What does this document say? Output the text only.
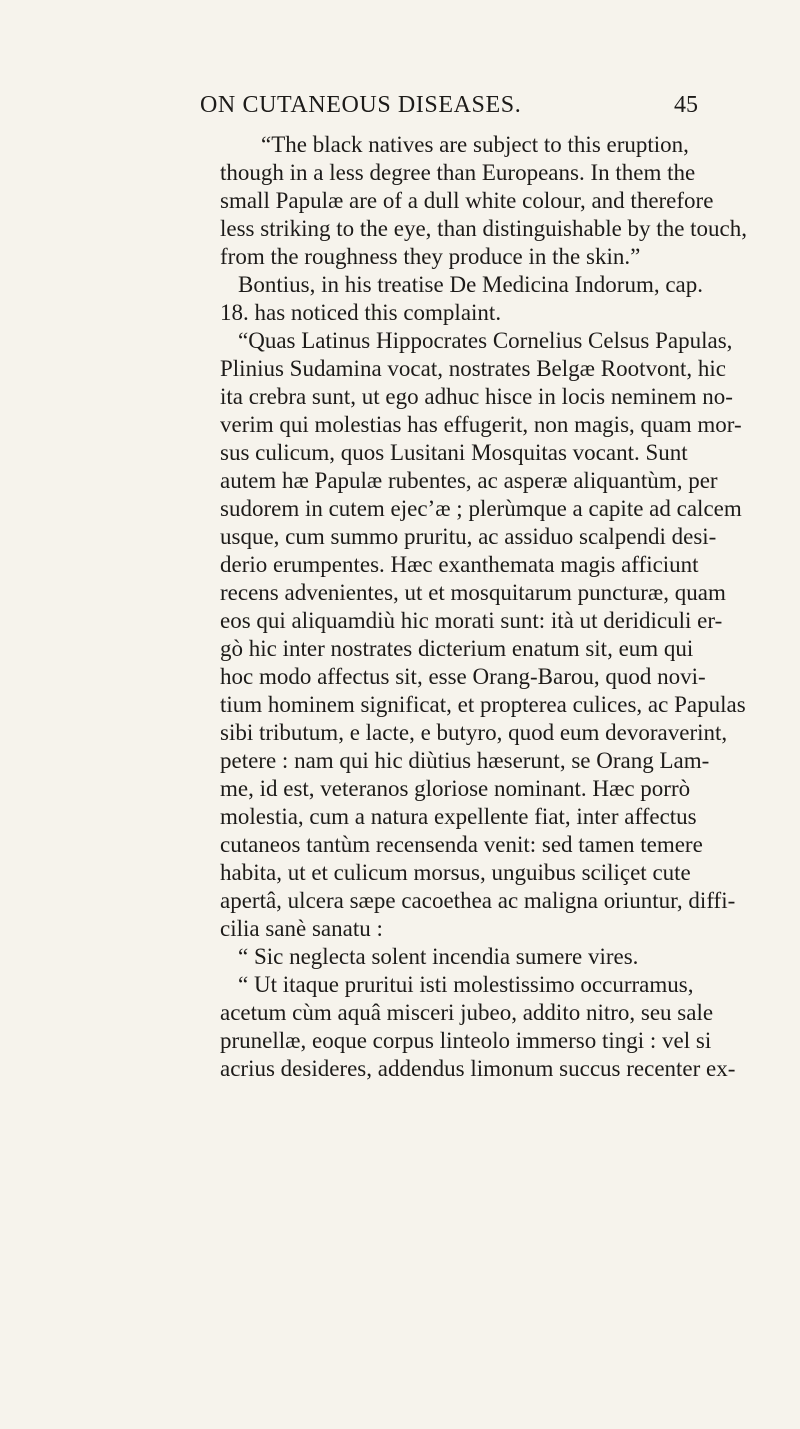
ON CUTANEOUS DISEASES.	45
“The black natives are subject to this eruption,
though in a less degree than Europeans. In them the
small Papulæ are of a dull white colour, and therefore
less striking to the eye, than distinguishable by the touch,
from the roughness they produce in the skin.”
Bontius, in his treatise De Medicina Indorum, cap.
18. has noticed this complaint.
“Quas Latinus Hippocrates Cornelius Celsus Papulas,
Plinius Sudamina vocat, nostrates Belgæ Rootvont, hic
ita crebra sunt, ut ego adhuc hisce in locis neminem no-
verim qui molestias has effugerit, non magis, quam mor-
sus culicum, quos Lusitani Mosquitas vocant. Sunt
autem hæ Papulæ rubentes, ac asperæ aliquantùm, per
sudorem in cutem ejec’æ ; plerùmque a capite ad calcem
usque, cum summo pruritu, ac assiduo scalpendi desi-
derio erumpentes. Hæc exanthemata magis afficiunt
recens advenientes, ut et mosquitarum puncturæ, quam
eos qui aliquamdiù hic morati sunt: ità ut deridiculi er-
gò hic inter nostrates dicterium enatum sit, eum qui
hoc modo affectus sit, esse Orang-Barou, quod novi-
tium hominem significat, et propterea culices, ac Papulas
sibi tributum, e lacte, e butyro, quod eum devoraverint,
petere : nam qui hic diùtius hæserunt, se Orang Lam-
me, id est, veteranos gloriose nominant. Hæc porrò
molestia, cum a natura expellente fiat, inter affectus
cutaneos tantùm recensenda venit: sed tamen temere
habita, ut et culicum morsus, unguibus sciliçet cute
apertâ, ulcera sæpe cacoethea ac maligna oriuntur, diffi-
cilia sanè sanatu :
“ Sic neglecta solent incendia sumere vires.
“ Ut itaque pruritui isti molestissimo occurramus,
acetum cùm aquâ misceri jubeo, addito nitro, seu sale
prunellæ, eoque corpus linteolo immerso tingi : vel si
acrius desideres, addendus limonum succus recenter ex-
